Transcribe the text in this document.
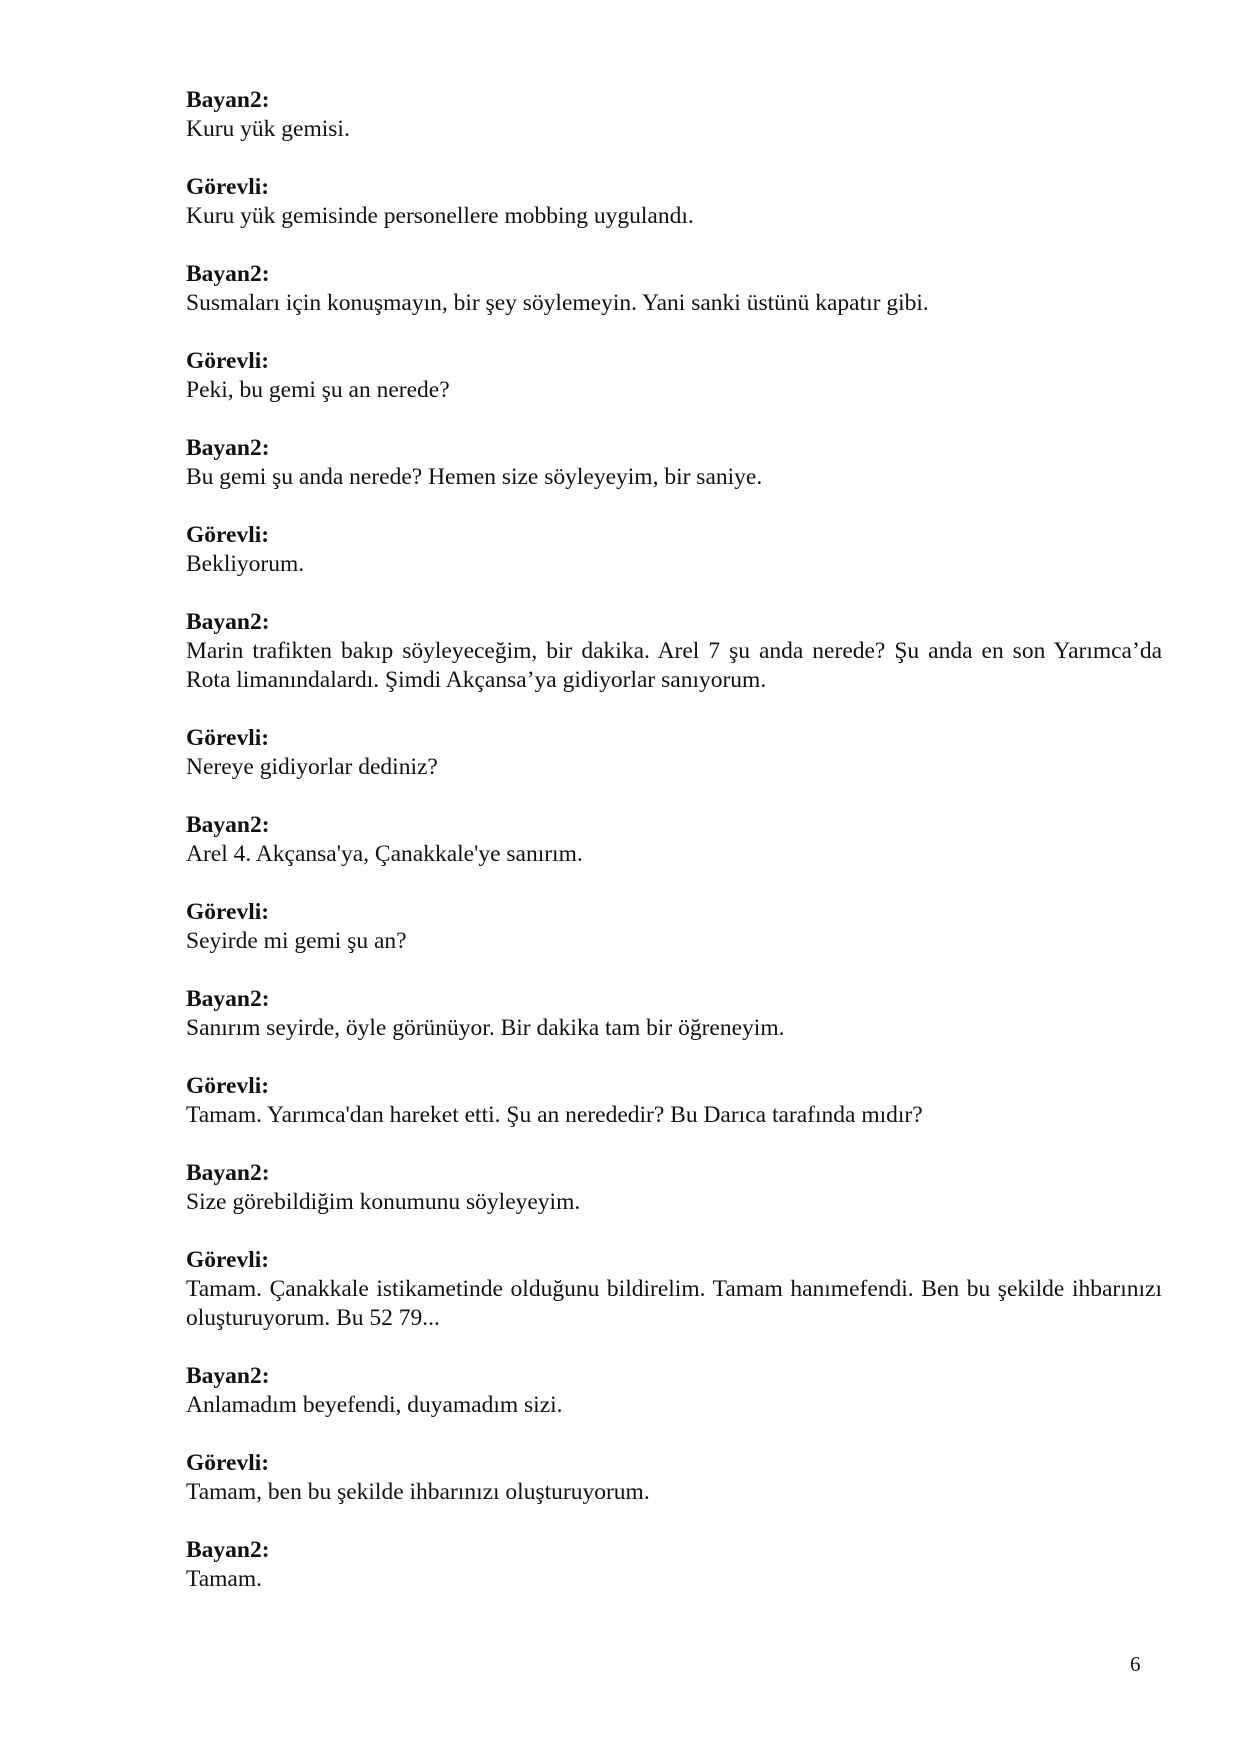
Bayan2:
Kuru yük gemisi.
Görevli:
Kuru yük gemisinde personellere mobbing uygulandı.
Bayan2:
Susmaları için konuşmayın, bir şey söylemeyin. Yani sanki üstünü kapatır gibi.
Görevli:
Peki, bu gemi şu an nerede?
Bayan2:
Bu gemi şu anda nerede? Hemen size söyleyeyim, bir saniye.
Görevli:
Bekliyorum.
Bayan2:
Marin trafikten bakıp söyleyeceğim, bir dakika. Arel 7 şu anda nerede? Şu anda en son Yarımca’da Rota limanındalardı. Şimdi Akçansa’ya gidiyorlar sanıyorum.
Görevli:
Nereye gidiyorlar dediniz?
Bayan2:
Arel 4. Akçansa'ya, Çanakkale'ye sanırım.
Görevli:
Seyirde mi gemi şu an?
Bayan2:
Sanırım seyirde, öyle görünüyor. Bir dakika tam bir öğreneyim.
Görevli:
Tamam. Yarımca'dan hareket etti. Şu an nerededir? Bu Darıca tarafında mıdır?
Bayan2:
Size görebildiğim konumunu söyleyeyim.
Görevli:
Tamam. Çanakkale istikametinde olduğunu bildirelim. Tamam hanımefendi. Ben bu şekilde ihbarınızı oluşturuyorum. Bu 52 79...
Bayan2:
Anlamadım beyefendi, duyamadım sizi.
Görevli:
Tamam, ben bu şekilde ihbarınızı oluşturuyorum.
Bayan2:
Tamam.
6
